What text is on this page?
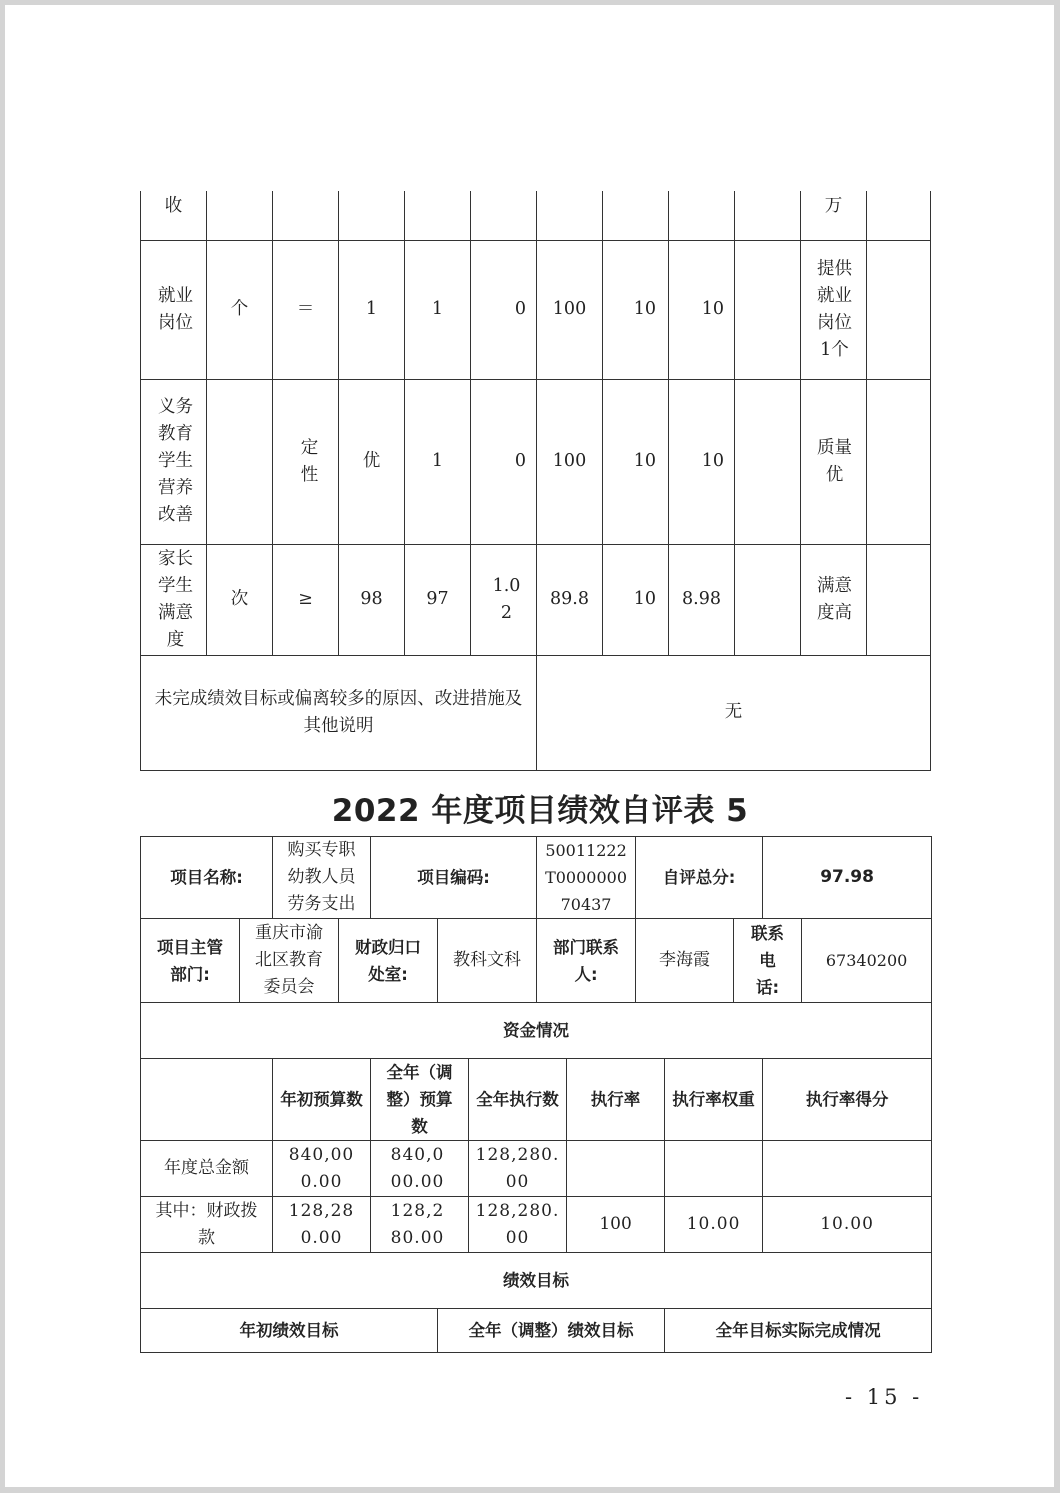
收										万	
就业岗位	个	＝	1	1	0	100	10	10		提供就业岗位 1个	
义务教育学生营养改善		定性	优	1	0	100	10	10		质量优	
家长学生满意度	次	≥	98	97	1.02	89.8	10	8.98		满意度高	
未完成绩效目标或偏离较多的原因、改进措施及其他说明						无					
2022 年度项目绩效自评表 5
项目名称:		购买专职幼教人员劳务支出		项目编码:			50011222T000000070437		自评总分:			97.98	
项目主管部门:	重庆市渝北区教育委员会		财政归口处室:		教科文科		部门联系人:		李海霞		联系电话:		67340200
资金情况													
		年初预算数		全年（调整）预算数		全年执行数		执行率		执行率权重		执行率得分	
年度总金额		840,000.00		840,000.00		128,280.00							
其中：财政拨款		128,280.00		128,280.00		128,280.00		100		10.00		10.00	
绩效目标													
年初绩效目标					全年（调整）绩效目标					全年目标实际完成情况			
- 15 -
